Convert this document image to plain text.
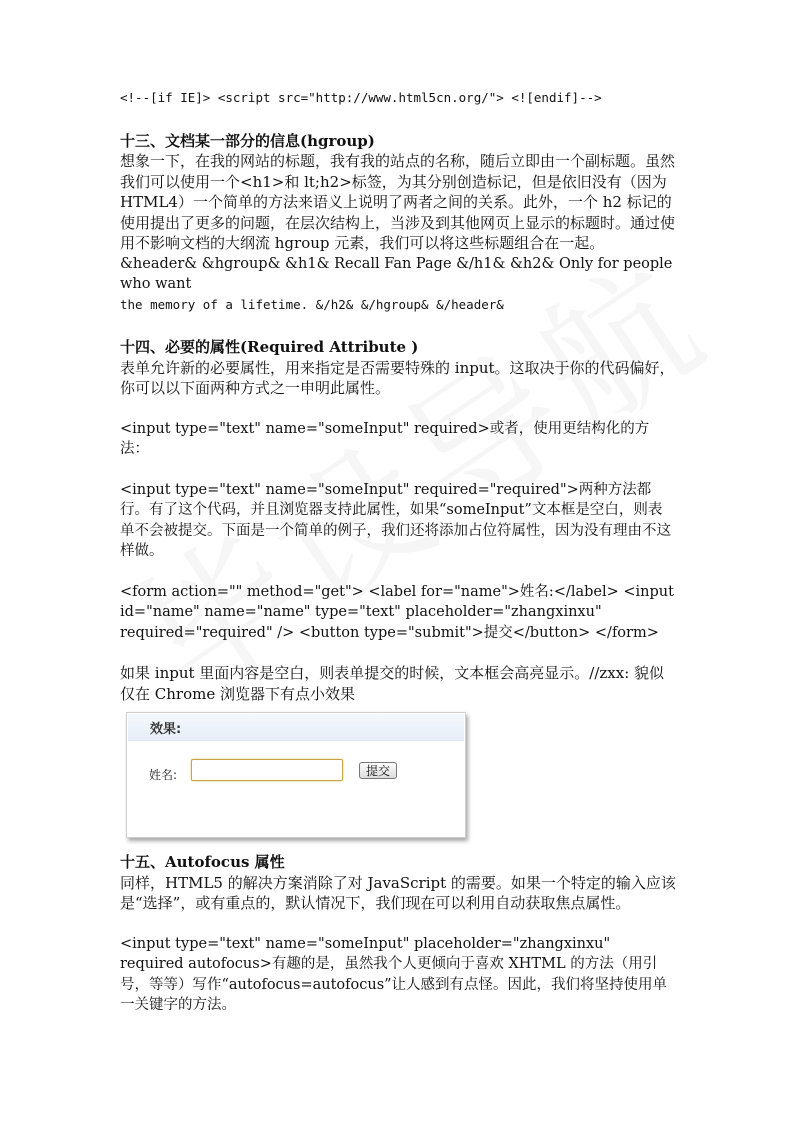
<!--[if IE]> <script src="http://www.html5cn.org/"> <![endif]-->

十三、文档某一部分的信息(hgroup)

想象一下，在我的网站的标题，我有我的站点的名称，随后立即由一个副标题。虽然我们可以使用一个<h1>和 lt;h2>标签，为其分别创造标记，但是依旧没有（因为 HTML4）一个简单的方法来语义上说明了两者之间的关系。此外，一个 h2 标记的使用提出了更多的问题，在层次结构上，当涉及到其他网页上显示的标题时。通过使用不影响文档的大纲流 hgroup 元素，我们可以将这些标题组合在一起。

&header& &hgroup& &h1& Recall Fan Page &/h1& &h2& Only for people who want

the memory of a lifetime. &/h2& &/hgroup& &/header&

十四、必要的属性(Required Attribute )

表单允许新的必要属性，用来指定是否需要特殊的 input。这取决于你的代码偏好，你可以以下面两种方式之一申明此属性。

<input type="text" name="someInput" required>或者，使用更结构化的方法：

<input type="text" name="someInput" required="required">两种方法都行。有了这个代码，并且浏览器支持此属性，如果“someInput”文本框是空白，则表单不会被提交。下面是一个简单的例子，我们还将添加占位符属性，因为没有理由不这样做。

<form action="" method="get"> <label for="name">姓名:</label> <input id="name" name="name" type="text" placeholder="zhangxinxu" required="required" /> <button type="submit">提交</button> </form>

如果 input 里面内容是空白，则表单提交的时候，文本框会高亮显示。//zxx: 貌似仅在 Chrome 浏览器下有点小效果

效果:
姓名:	提交

十五、Autofocus 属性

同样，HTML5 的解决方案消除了对 JavaScript 的需要。如果一个特定的输入应该是“选择”，或有重点的，默认情况下，我们现在可以利用自动获取焦点属性。

<input type="text" name="someInput" placeholder="zhangxinxu" required autofocus>有趣的是，虽然我个人更倾向于喜欢 XHTML 的方法（用引号，等等）写作“autofocus=autofocus”让人感到有点怪。因此，我们将坚持使用单一关键字的方法。
